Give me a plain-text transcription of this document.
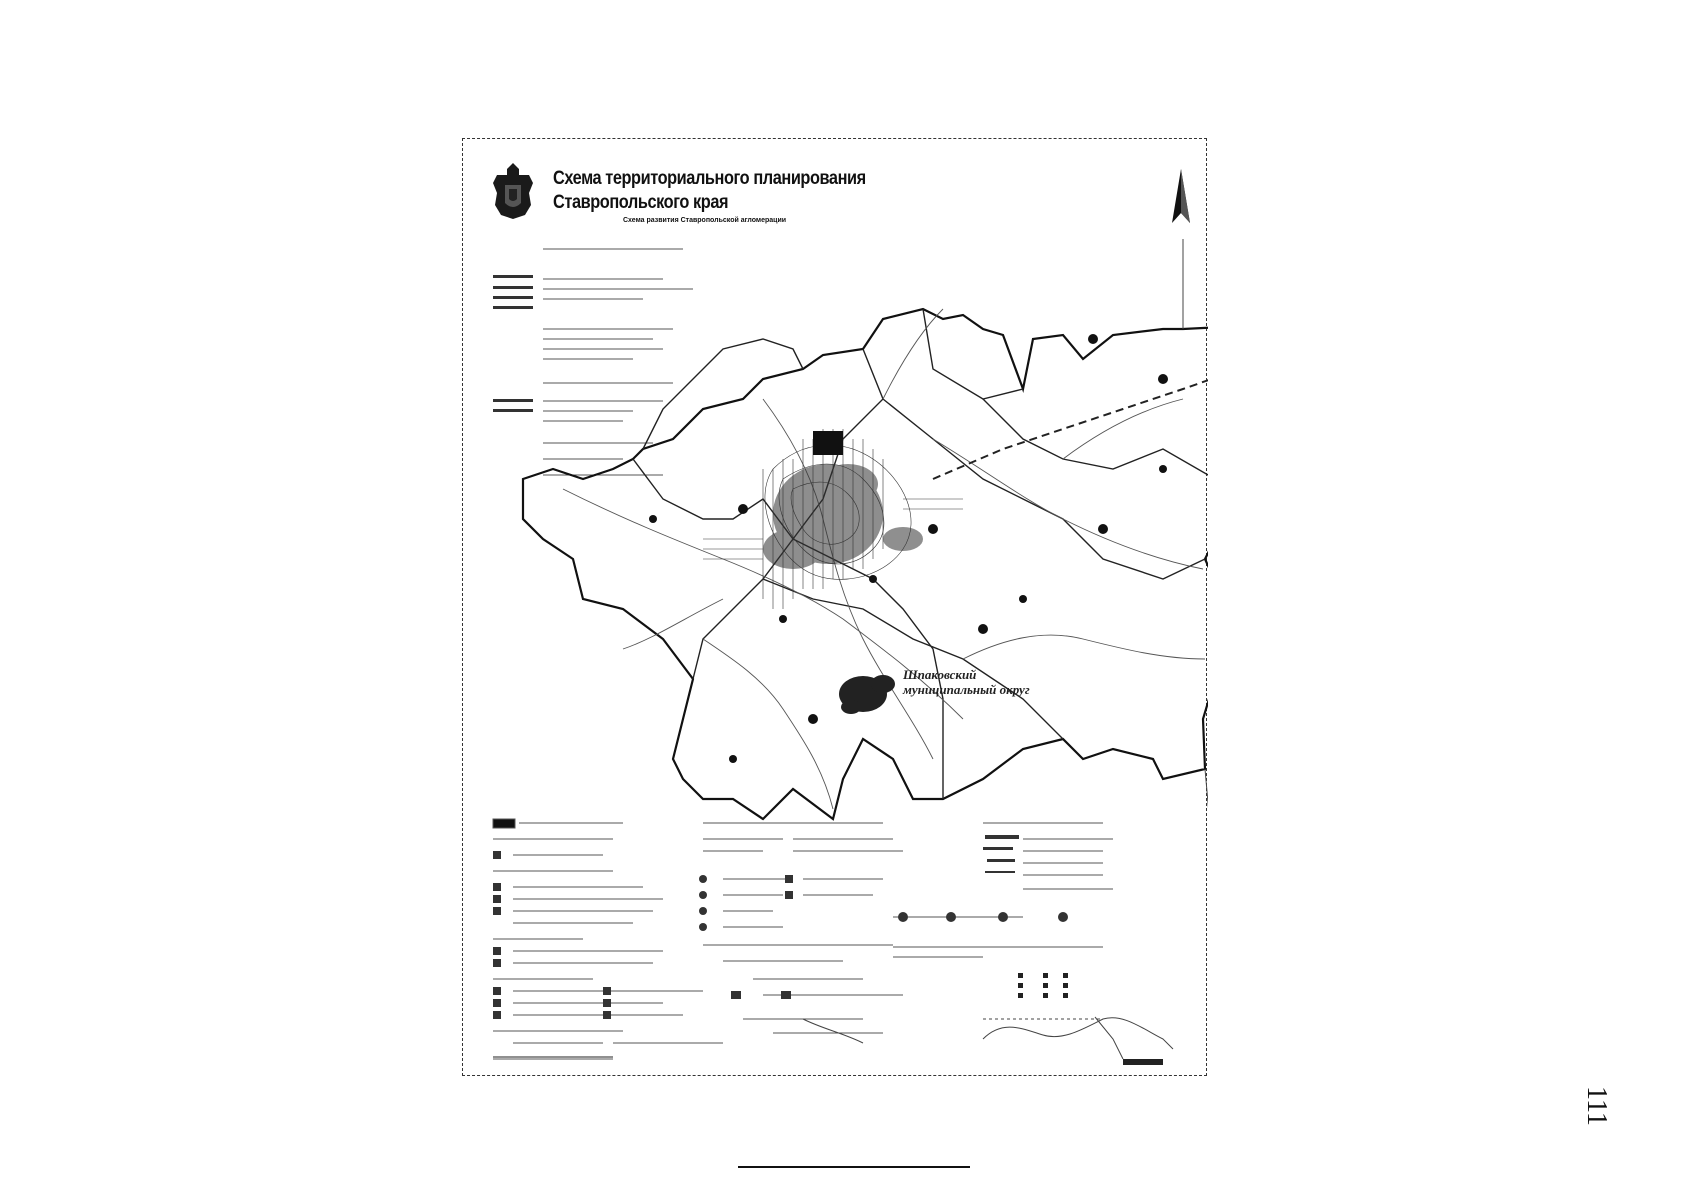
Схема территориального планирования
Ставропольского края
Схема развития Ставропольской агломерации
Шпаковский
муниципальный округ
111
